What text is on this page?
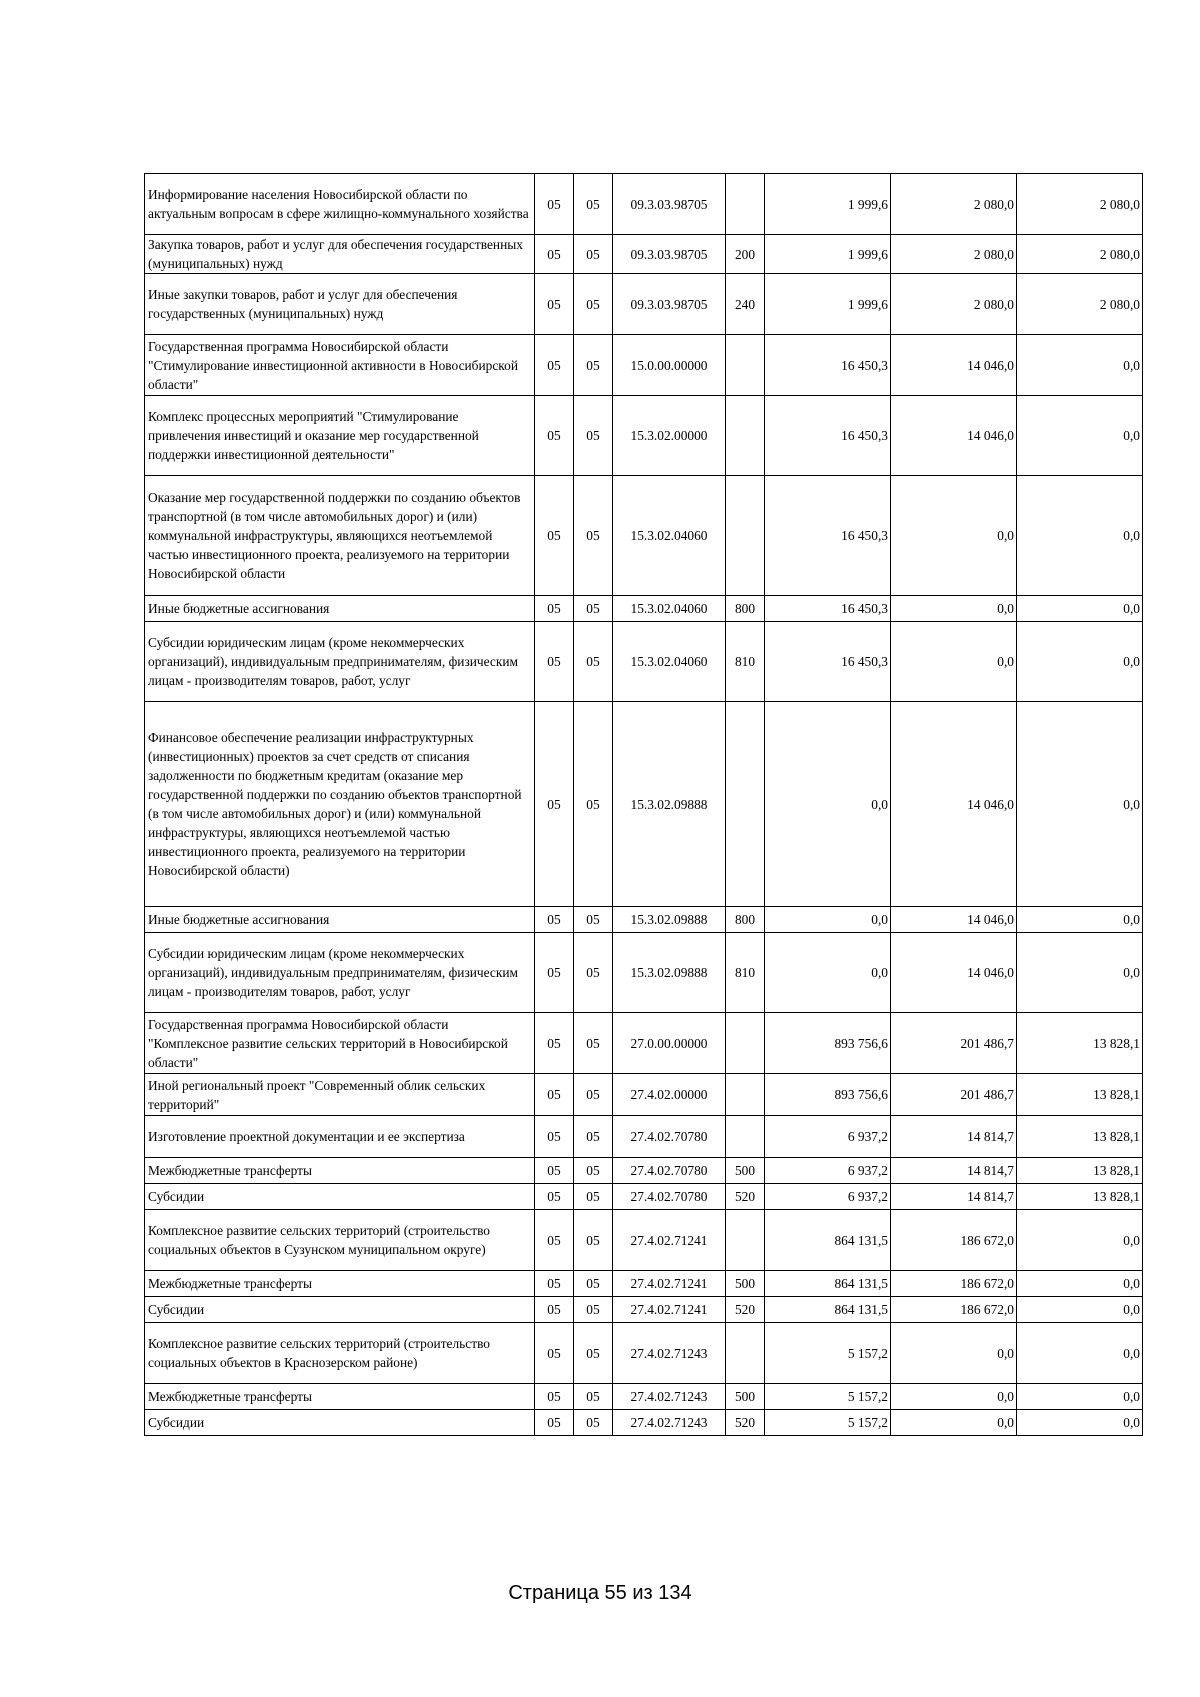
Информирование населения Новосибирской области по актуальным вопросам в сфере жилищно-коммунального хозяйства	05	05	09.3.03.98705		1 999,6	2 080,0	2 080,0
Закупка товаров, работ и услуг для обеспечения государственных (муниципальных) нужд	05	05	09.3.03.98705	200	1 999,6	2 080,0	2 080,0
Иные закупки товаров, работ и услуг для обеспечения государственных (муниципальных) нужд	05	05	09.3.03.98705	240	1 999,6	2 080,0	2 080,0
Государственная программа Новосибирской области "Стимулирование инвестиционной активности в Новосибирской области"	05	05	15.0.00.00000		16 450,3	14 046,0	0,0
Комплекс процессных мероприятий "Стимулирование привлечения инвестиций и оказание мер государственной поддержки инвестиционной деятельности"	05	05	15.3.02.00000		16 450,3	14 046,0	0,0
Оказание мер государственной поддержки по созданию объектов транспортной (в том числе автомобильных дорог) и (или) коммунальной инфраструктуры, являющихся неотъемлемой частью инвестиционного проекта, реализуемого на территории Новосибирской области	05	05	15.3.02.04060		16 450,3	0,0	0,0
Иные бюджетные ассигнования	05	05	15.3.02.04060	800	16 450,3	0,0	0,0
Субсидии юридическим лицам (кроме некоммерческих организаций), индивидуальным предпринимателям, физическим лицам - производителям товаров, работ, услуг	05	05	15.3.02.04060	810	16 450,3	0,0	0,0
Финансовое обеспечение реализации инфраструктурных (инвестиционных) проектов за счет средств от списания задолженности по бюджетным кредитам (оказание мер государственной поддержки по созданию объектов транспортной (в том числе автомобильных дорог) и (или) коммунальной инфраструктуры, являющихся неотъемлемой частью инвестиционного проекта, реализуемого на территории Новосибирской области)	05	05	15.3.02.09888		0,0	14 046,0	0,0
Иные бюджетные ассигнования	05	05	15.3.02.09888	800	0,0	14 046,0	0,0
Субсидии юридическим лицам (кроме некоммерческих организаций), индивидуальным предпринимателям, физическим лицам - производителям товаров, работ, услуг	05	05	15.3.02.09888	810	0,0	14 046,0	0,0
Государственная программа Новосибирской области "Комплексное развитие сельских территорий в Новосибирской области"	05	05	27.0.00.00000		893 756,6	201 486,7	13 828,1
Иной региональный проект "Современный облик сельских территорий"	05	05	27.4.02.00000		893 756,6	201 486,7	13 828,1
Изготовление проектной документации и ее экспертиза	05	05	27.4.02.70780		6 937,2	14 814,7	13 828,1
Межбюджетные трансферты	05	05	27.4.02.70780	500	6 937,2	14 814,7	13 828,1
Субсидии	05	05	27.4.02.70780	520	6 937,2	14 814,7	13 828,1
Комплексное развитие сельских территорий (строительство социальных объектов в Сузунском муниципальном округе)	05	05	27.4.02.71241		864 131,5	186 672,0	0,0
Межбюджетные трансферты	05	05	27.4.02.71241	500	864 131,5	186 672,0	0,0
Субсидии	05	05	27.4.02.71241	520	864 131,5	186 672,0	0,0
Комплексное развитие сельских территорий (строительство социальных объектов в Краснозерском районе)	05	05	27.4.02.71243		5 157,2	0,0	0,0
Межбюджетные трансферты	05	05	27.4.02.71243	500	5 157,2	0,0	0,0
Субсидии	05	05	27.4.02.71243	520	5 157,2	0,0	0,0
Страница 55 из 134
